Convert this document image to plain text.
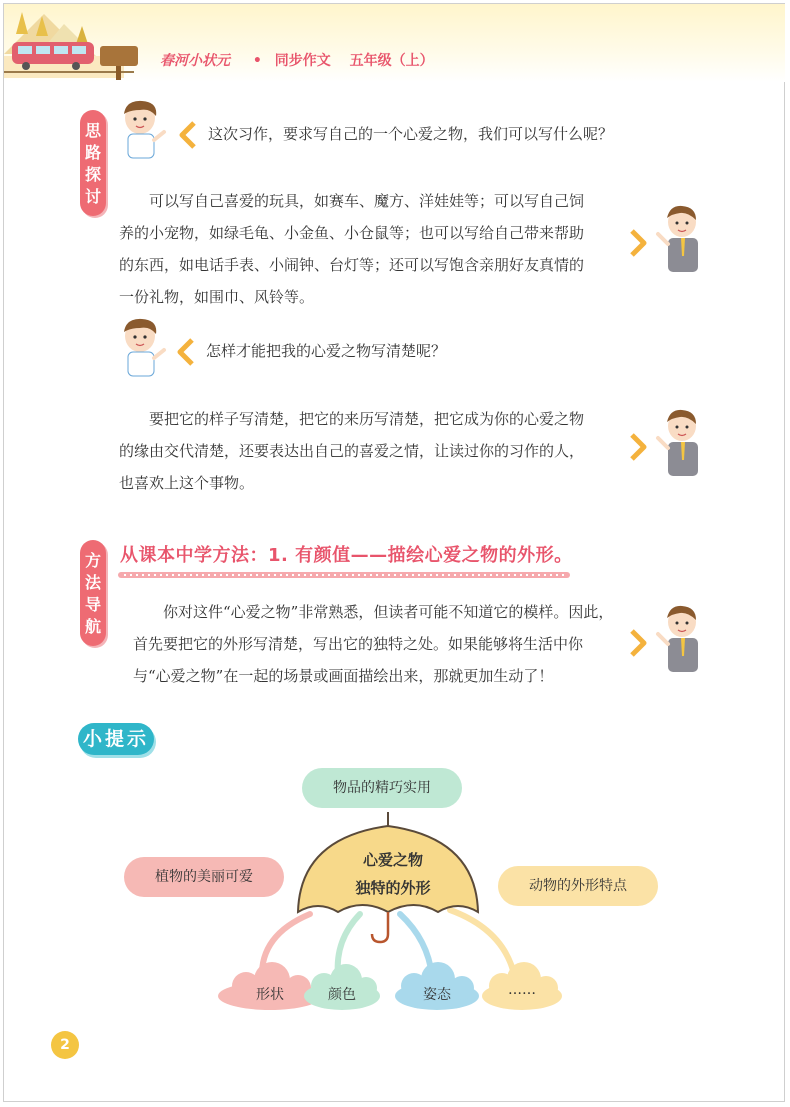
春河小状元 • 同步作文 五年级（上）
思
路
探
讨
这次习作，要求写自己的一个心爱之物，我们可以写什么呢？
可以写自己喜爱的玩具，如赛车、魔方、洋娃娃等；可以写自己饲
养的小宠物，如绿毛龟、小金鱼、小仓鼠等；也可以写给自己带来帮助
的东西，如电话手表、小闹钟、台灯等；还可以写饱含亲朋好友真情的
一份礼物，如围巾、风铃等。
怎样才能把我的心爱之物写清楚呢？
要把它的样子写清楚，把它的来历写清楚，把它成为你的心爱之物
的缘由交代清楚，还要表达出自己的喜爱之情，让读过你的习作的人，
也喜欢上这个事物。
方
法
导
航
从课本中学方法：1. 有颜值——描绘心爱之物的外形。
你对这件“心爱之物”非常熟悉，但读者可能不知道它的模样。因此，
首先要把它的外形写清楚，写出它的独特之处。如果能够将生活中你
与“心爱之物”在一起的场景或画面描绘出来，那就更加生动了！
小提示
物品的精巧实用
植物的美丽可爱
动物的外形特点
心爱之物
独特的外形
形状	颜色	姿态	……
2
